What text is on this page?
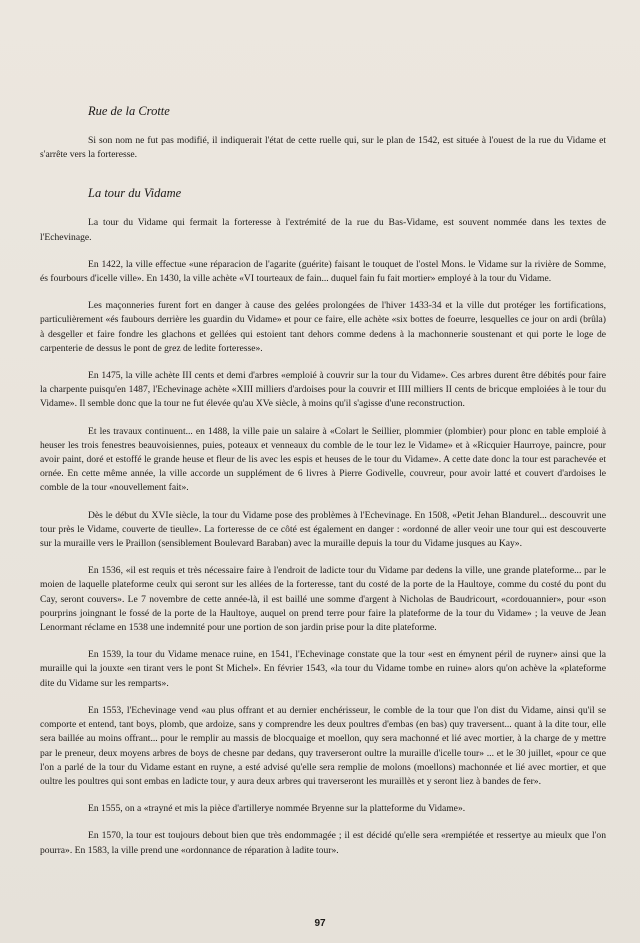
Rue de la Crotte

Si son nom ne fut pas modifié, il indiquerait l'état de cette ruelle qui, sur le plan de 1542, est située à l'ouest de la rue du Vidame et s'arrête vers la forteresse.

La tour du Vidame

La tour du Vidame qui fermait la forteresse à l'extrémité de la rue du Bas-Vidame, est souvent nommée dans les textes de l'Echevinage.

En 1422, la ville effectue «une réparacion de l'agarite (guérite) faisant le touquet de l'ostel Mons. le Vidame sur la rivière de Somme, és fourbours d'icelle ville». En 1430, la ville achète «VI tourteaux de fain... duquel fain fu fait mortier» employé à la tour du Vidame.

Les maçonneries furent fort en danger à cause des gelées prolongées de l'hiver 1433-34 et la ville dut protéger les fortifications, particulièrement «és faubours derrière les guardin du Vidame» et pour ce faire, elle achète «six bottes de foeurre, lesquelles ce jour on ardi (brûla) à desgeller et faire fondre les glachons et gellées qui estoient tant dehors comme dedens à la machonnerie soustenant et qui porte le loge de carpenterie de dessus le pont de grez de ledite forteresse».

En 1475, la ville achète III cents et demi d'arbres «emploié à couvrir sur la tour du Vidame». Ces arbres durent être débités pour faire la charpente puisqu'en 1487, l'Echevinage achète «XIII milliers d'ardoises pour la couvrir et IIII milliers II cents de bricque emploiées à le tour du Vidame». Il semble donc que la tour ne fut élevée qu'au XVe siècle, à moins qu'il s'agisse d'une reconstruction.

Et les travaux continuent... en 1488, la ville paie un salaire à «Colart le Seillier, plommier (plombier) pour plonc en table emploié à heuser les trois fenestres beauvoisiennes, puies, poteaux et venneaux du comble de le tour lez le Vidame» et à «Ricquier Haurroye, paincre, pour avoir paint, doré et estoffé le grande heuse et fleur de lis avec les espis et heuses de le tour du Vidame». A cette date donc la tour est parachevée et ornée. En cette même année, la ville accorde un supplément de 6 livres à Pierre Godivelle, couvreur, pour avoir latté et couvert d'ardoises le comble de la tour «nouvellement fait».

Dès le début du XVIe siècle, la tour du Vidame pose des problèmes à l'Echevinage. En 1508, «Petit Jehan Blandurel... descouvrit une tour près le Vidame, couverte de tieulle». La forteresse de ce côté est également en danger : «ordonné de aller veoir une tour qui est descouverte sur la muraille vers le Praillon (sensiblement Boulevard Baraban) avec la muraille depuis la tour du Vidame jusques au Kay».

En 1536, «il est requis et très nécessaire faire à l'endroit de ladicte tour du Vidame par dedens la ville, une grande plateforme... par le moien de laquelle plateforme ceulx qui seront sur les allées de la forteresse, tant du costé de la porte de la Haultoye, comme du costé du pont du Cay, seront couvers». Le 7 novembre de cette année-là, il est baillé une somme d'argent à Nicholas de Baudricourt, «cordouannier», pour «son pourprins joingnant le fossé de la porte de la Haultoye, auquel on prend terre pour faire la plateforme de la tour du Vidame» ; la veuve de Jean Lenormant réclame en 1538 une indemnité pour une portion de son jardin prise pour la dite plateforme.

En 1539, la tour du Vidame menace ruine, en 1541, l'Echevinage constate que la tour «est en émynent péril de ruyner» ainsi que la muraille qui la jouxte «en tirant vers le pont St Michel». En février 1543, «la tour du Vidame tombe en ruine» alors qu'on achève la «plateforme dite du Vidame sur les remparts».

En 1553, l'Echevinage vend «au plus offrant et au dernier enchérisseur, le comble de la tour que l'on dist du Vidame, ainsi qu'il se comporte et entend, tant boys, plomb, que ardoize, sans y comprendre les deux poultres d'embas (en bas) quy traversent... quant à la dite tour, elle sera baillée au moins offrant... pour le remplir au massis de blocquaige et moellon, quy sera machonné et lié avec mortier, à la charge de y mettre par le preneur, deux moyens arbres de boys de chesne par dedans, quy traverseront oultre la muraille d'icelle tour» ... et le 30 juillet, «pour ce que l'on a parlé de la tour du Vidame estant en ruyne, a esté advisé qu'elle sera remplie de molons (moellons) machonnée et lié avec mortier, et que oultre les poultres qui sont embas en ladicte tour, y aura deux arbres qui traverseront les muraillès et y seront liez à bandes de fer».

En 1555, on a «trayné et mis la pièce d'artillerye nommée Bryenne sur la platteforme du Vidame».

En 1570, la tour est toujours debout bien que très endommagée ; il est décidé qu'elle sera «rempiétée et ressertye au mieulx que l'on pourra». En 1583, la ville prend une «ordonnance de réparation à ladite tour».

97
